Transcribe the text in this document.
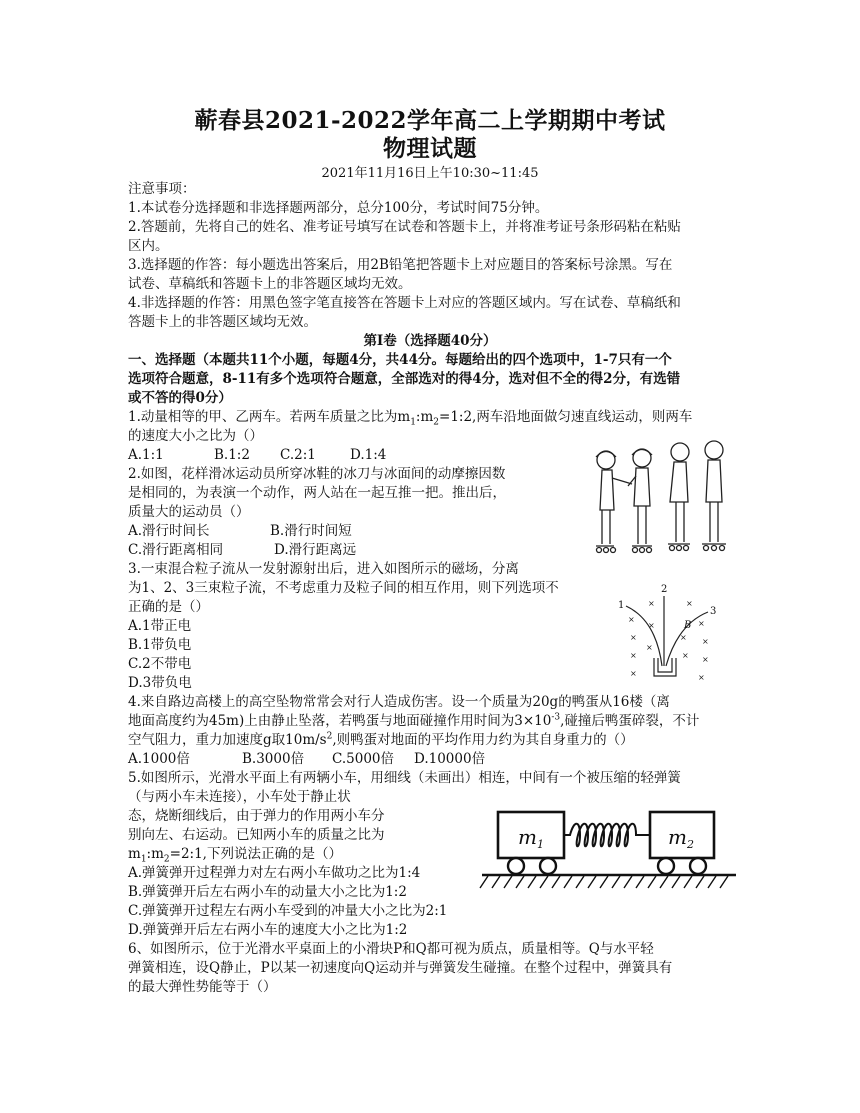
蕲春县2021-2022学年高二上学期期中考试
物理试题
2021年11月16日上午10:30~11:45
注意事项：
1.本试卷分选择题和非选择题两部分，总分100分，考试时间75分钟。
2.答题前，先将自己的姓名、准考证号填写在试卷和答题卡上，并将准考证号条形码粘在粘贴
区内。
3.选择题的作答：每小题选出答案后，用2B铅笔把答题卡上对应题目的答案标号涂黑。写在
试卷、草稿纸和答题卡上的非答题区域均无效。
4.非选择题的作答：用黑色签字笔直接答在答题卡上对应的答题区域内。写在试卷、草稿纸和
答题卡上的非答题区域均无效。
第I卷（选择题40分）
一、选择题（本题共11个小题，每题4分，共44分。每题给出的四个选项中，1-7只有一个
选项符合题意，8-11有多个选项符合题意，全部选对的得4分，选对但不全的得2分，有选错
或不答的得0分）
1.动量相等的甲、乙两车。若两车质量之比为$m_1:m_2=1:2$,两车沿地面做匀速直线运动，则两车
的速度大小之比为（）
A.1:1	B.1:2 C.2:1	D.1:4
2.如图，花样滑冰运动员所穿冰鞋的冰刀与冰面间的动摩擦因数
是相同的，为表演一个动作，两人站在一起互推一把。推出后，
质量大的运动员（）
A.滑行时间长	B.滑行时间短
C.滑行距离相同	D.滑行距离远
3.一束混合粒子流从一发射源射出后，进入如图所示的磁场，分离
为1、2、3三束粒子流，不考虑重力及粒子间的相互作用，则下列选项不
正确的是（）
A.1带正电
B.1带负电
C.2不带电
D.3带负电
1
2
3
B
×
×	×
×
×
×
× ×
×
×
× ×
×	×
4.来自路边高楼上的高空坠物常常会对行人造成伤害。设一个质量为20g的鸭蛋从16楼（离
地面高度约为45m)上由静止坠落，若鸭蛋与地面碰撞作用时间为$3\times 10^{-3}$,碰撞后鸭蛋碎裂，不计
空气阻力，重力加速度g取$10m/s^2$,则鸭蛋对地面的平均作用力约为其自身重力的（）
A.1000倍	B.3000倍 C.5000倍 D.10000倍
5.如图所示，光滑水平面上有两辆小车，用细线（未画出）相连，中间有一个被压缩的轻弹簧
（与两小车未连接），小车处于静止状
态，烧断细线后，由于弹力的作用两小车分
别向左、右运动。已知两小车的质量之比为
$m_1:m_2=2:1$,下列说法正确的是（）
A.弹簧弹开过程弹力对左右两小车做功之比为1:4
B.弹簧弹开后左右两小车的动量大小之比为1:2
C.弹簧弹开过程左右两小车受到的冲量大小之比为2:1
D.弹簧弹开后左右两小车的速度大小之比为1:2
$m_1$	$m_2$
6、如图所示，位于光滑水平桌面上的小滑块P和Q都可视为质点，质量相等。Q与水平轻
弹簧相连，设Q静止，P以某一初速度向Q运动并与弹簧发生碰撞。在整个过程中，弹簧具有
的最大弹性势能等于（）
